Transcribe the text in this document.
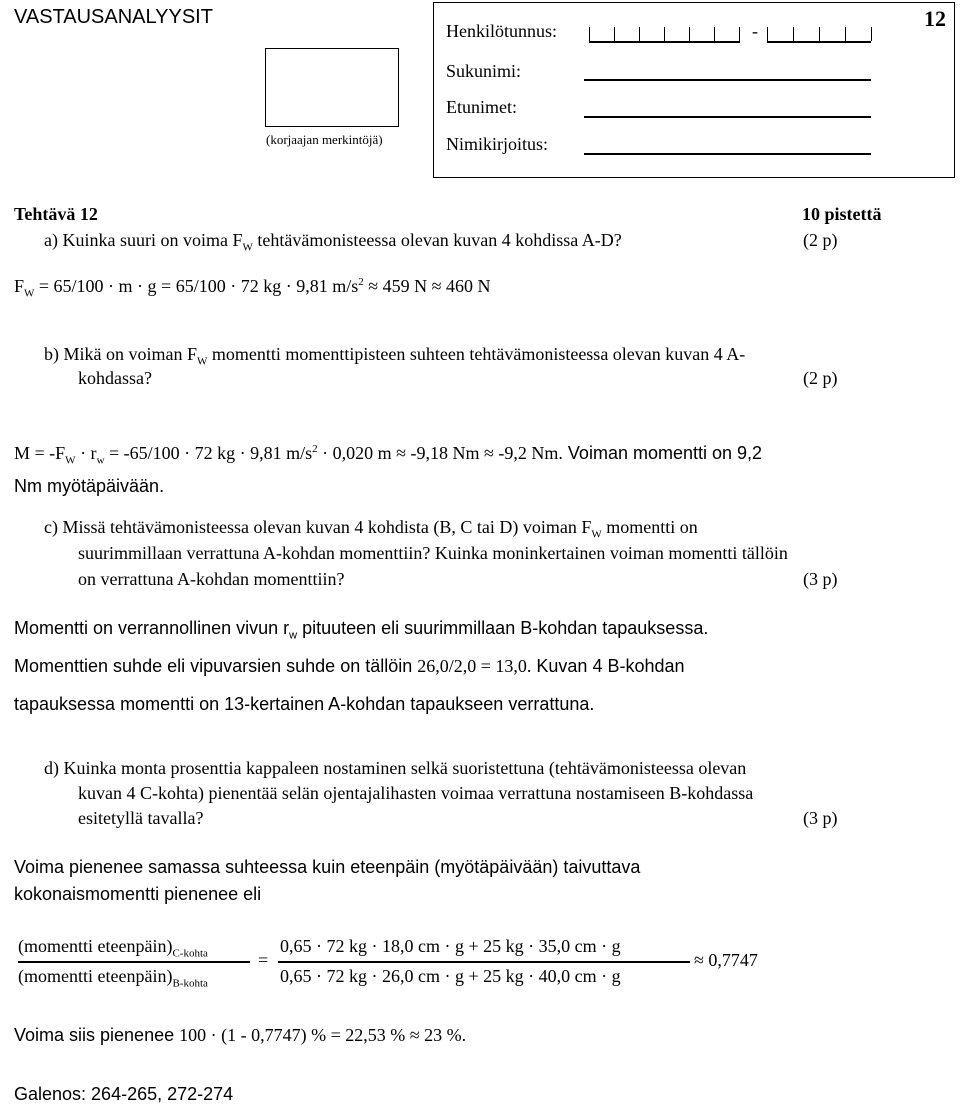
VASTAUSANALYYSIT	12
(korjaajan merkintöjä)
Henkilötunnus:	-
Sukunimi:
Etunimet:
Nimikirjoitus:
Tehtävä 12	10 pistettä
a) Kuinka suuri on voima $F_W$ tehtävämonisteessa olevan kuvan 4 kohdissa A-D?	(2 p)
$F_W = 65/100 \cdot m \cdot g = 65/100 \cdot 72$ kg · 9,81 $m/s^2 \approx 459$ N ≈ 460 N
b) Mikä on voiman $F_W$ momentti momenttipisteen suhteen tehtävämonisteessa olevan kuvan 4 A-
kohdassa?	(2 p)
$M = -F_W \cdot r_w = -65/100 \cdot 72$ kg · 9,81 $m/s^2 \cdot 0,020$ m ≈ -9,18 Nm ≈ -9,2 Nm. Voiman momentti on 9,2
Nm myötäpäivään.
c) Missä tehtävämonisteessa olevan kuvan 4 kohdista (B, C tai D) voiman $F_W$ momentti on
suurimmillaan verrattuna A-kohdan momenttiin? Kuinka moninkertainen voiman momentti tällöin
on verrattuna A-kohdan momenttiin?	(3 p)
Momentti on verrannollinen vivun $r_w$ pituuteen eli suurimmillaan B-kohdan tapauksessa.
Momenttien suhde eli vipuvarsien suhde on tällöin 26,0/2,0 = 13,0. Kuvan 4 B-kohdan
tapauksessa momentti on 13-kertainen A-kohdan tapaukseen verrattuna.
d) Kuinka monta prosenttia kappaleen nostaminen selkä suoristettuna (tehtävämonisteessa olevan
kuvan 4 C-kohta) pienentää selän ojentajalihasten voimaa verrattuna nostamiseen B-kohdassa
esitetyllä tavalla?	(3 p)
Voima pienenee samassa suhteessa kuin eteenpäin (myötäpäivään) taivuttava
kokonaismomentti pienenee eli
(momentti $eteenpäin)_{C-kohta}$
(momentti $eteenpäin)_{B-kohta}$
=
0,65 · 72 kg · 18,0 cm · g + 25 kg · 35,0 cm · g
0,65 · 72 kg · 26,0 cm · g + 25 kg · 40,0 cm · g
≈ 0,7747
Voima siis pienenee 100 · (1 - 0,7747) % = 22,53 % ≈ 23 %.
Galenos: 264-265, 272-274
